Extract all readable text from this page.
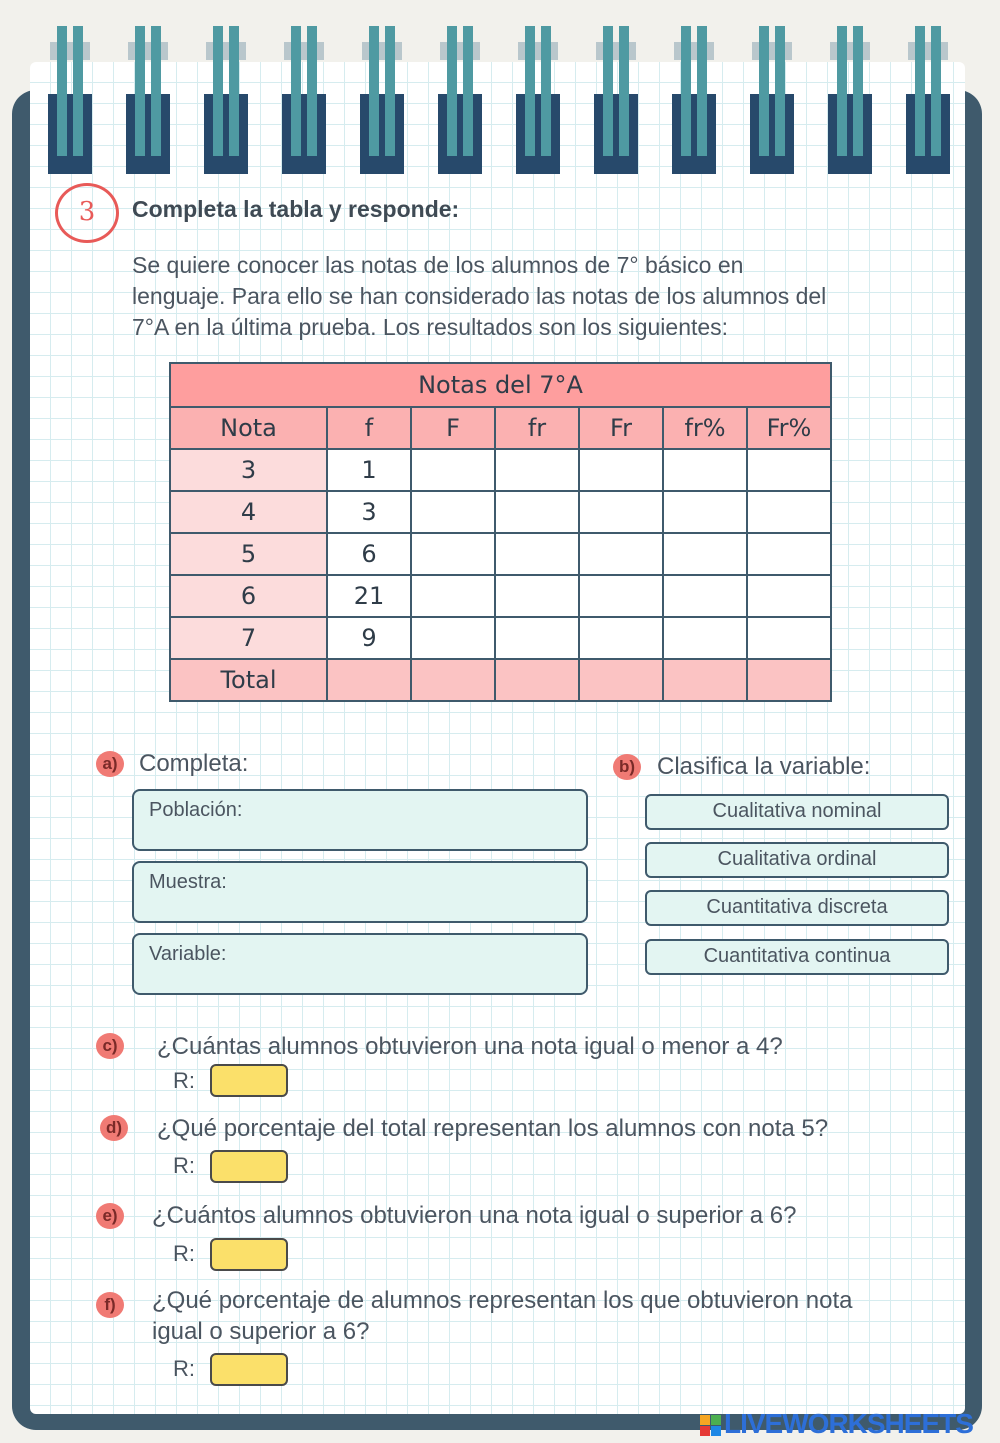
3	Completa la tabla y responde:
Se quiere conocer las notas de los alumnos de 7° básico en
lenguaje. Para ello se han considerado las notas de los alumnos del
7°A en la última prueba. Los resultados son los siguientes:
Notas del 7°A						
Nota	f	F	fr	Fr	fr%	Fr%
3	1					
4	3					
5	6					
6	21					
7	9					
Total						
a) Completa:
Población:
Muestra:
Variable:
b) Clasifica la variable:
Cualitativa nominal
Cualitativa ordinal
Cuantitativa discreta
Cuantitativa continua
c) ¿Cuántas alumnos obtuvieron una nota igual o menor a 4?
R:
d) ¿Qué porcentaje del total representan los alumnos con nota 5?
R:
e) ¿Cuántos alumnos obtuvieron una nota igual o superior a 6?
R:
f)	¿Qué porcentaje de alumnos representan los que obtuvieron nota
igual o superior a 6?
R:
LIVEWORKSHEETS
